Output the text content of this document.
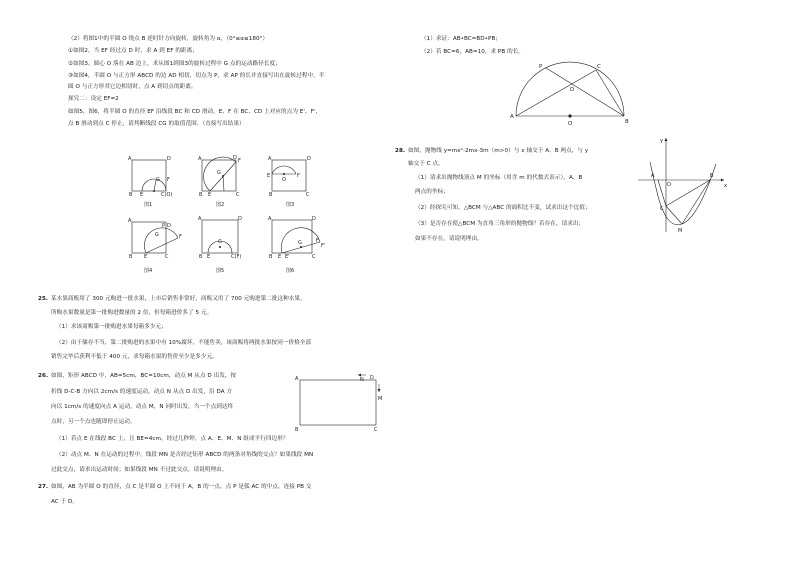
（2）将图1中的半圆 O 绕点 B 逆时针方向旋转，旋转角为 α，（0°≤α≤180°）
①如图2，当 EF 经过点 D 时，求 A 到 EF 的距离；
②如图3，圆心 O 落在 AB 边上，求从图1到图3的旋转过程中 G 点的运动路径长度；
③如图4，半圆 O 与正方形 ABCD 的边 AD 相切，切点为 P，求 AP 的长并直接写出在旋转过程中，半
圆 O 与正方形其它边相切时，点 A 到切点的距离。
探究二：设定 EF=2
如图5，图6，将半圆 O 的直径 EF 沿线段 BC 和 CD 滑动，E、F 在 BC、CD 上对应的点为 E'、F'，
点 B 滑动到点 C 停止，请判断线段 CG 的取值范围。（直接写出结果）
A	D
F
G
B E	C(O)
A	D F
G
B E	C
A	D
E
O
F
B	C
A
P D
F
G
B E	C
A	D
G
B E	C(F)
A	D
F
F'
G
B E E'	C
图1	图2	图3
图4	图5	图6
25. 某水果商贩用了 300 元购进一批水果，上市后销售非常好，商贩又用了 700 元购进第二批这种水果，
所购水果数量是第一批购进数量的 2 倍，但每箱进价多了 5 元。
（1）求该商贩第一批购进水果每箱多少元；
（2）由于储存不当，第二批购进的水果中有 10%腐坏，不能售卖，该商贩将两批水果按同一价格全部
销售完毕后获利不低于 400 元，求每箱水果的售价至少是多少元。
26. 如图，矩形 ABCD 中，AB=5cm，BC=10cm，动点 M 从点 D 出发，按
折线 D-C-B 方向以 2cm/s 的速度运动，动点 N 从点 D 出发，沿 DA 方
向以 1cm/s 的速度向点 A 运动，动点 M，N 同时出发，当一个点到达终
点时，另一个点也随即停止运动。
（1）若点 E 在线段 BC 上，且 BE=4cm，经过几秒钟，点 A、E、M、N 组成平行四边形？
（2）动点 M、N 在运动的过程中，线段 MN 是否经过矩形 ABCD 的两条对角线的交点？如果线段 MN
过此交点，请求出运动时间；如果线段 MN 不过此交点，请说明理由。
A	N D
M
B	C
27. 如图，AB 为半圆 O 的直径，点 C 是半圆 O 上不同于 A，B 的一点，点 P 是弧 AC 的中点，连接 PB 交
AC 于 D。
（1）求证：AB•BC=BD•PB；
（2）若 BC=6，AB=10，求 PB 的长。
28. 如图，抛物线 y=mx²-2mx-3m（m>0）与 x 轴交于 A、B 两点，与 y
轴交于 C 点。
（1）请求出抛物线顶点 M 的坐标（用含 m 的代数式表示），A、B
两点的坐标；
（2）经探究可知，△BCM 与△ABC 的面积比不变，试求出这个比值；
（3）是否存在使△BCM 为直角三角形的抛物线？若存在，请求出；
如果不存在，请说明理由。
A
B
C
P
D
O
x
y
A	B
C
M
O
